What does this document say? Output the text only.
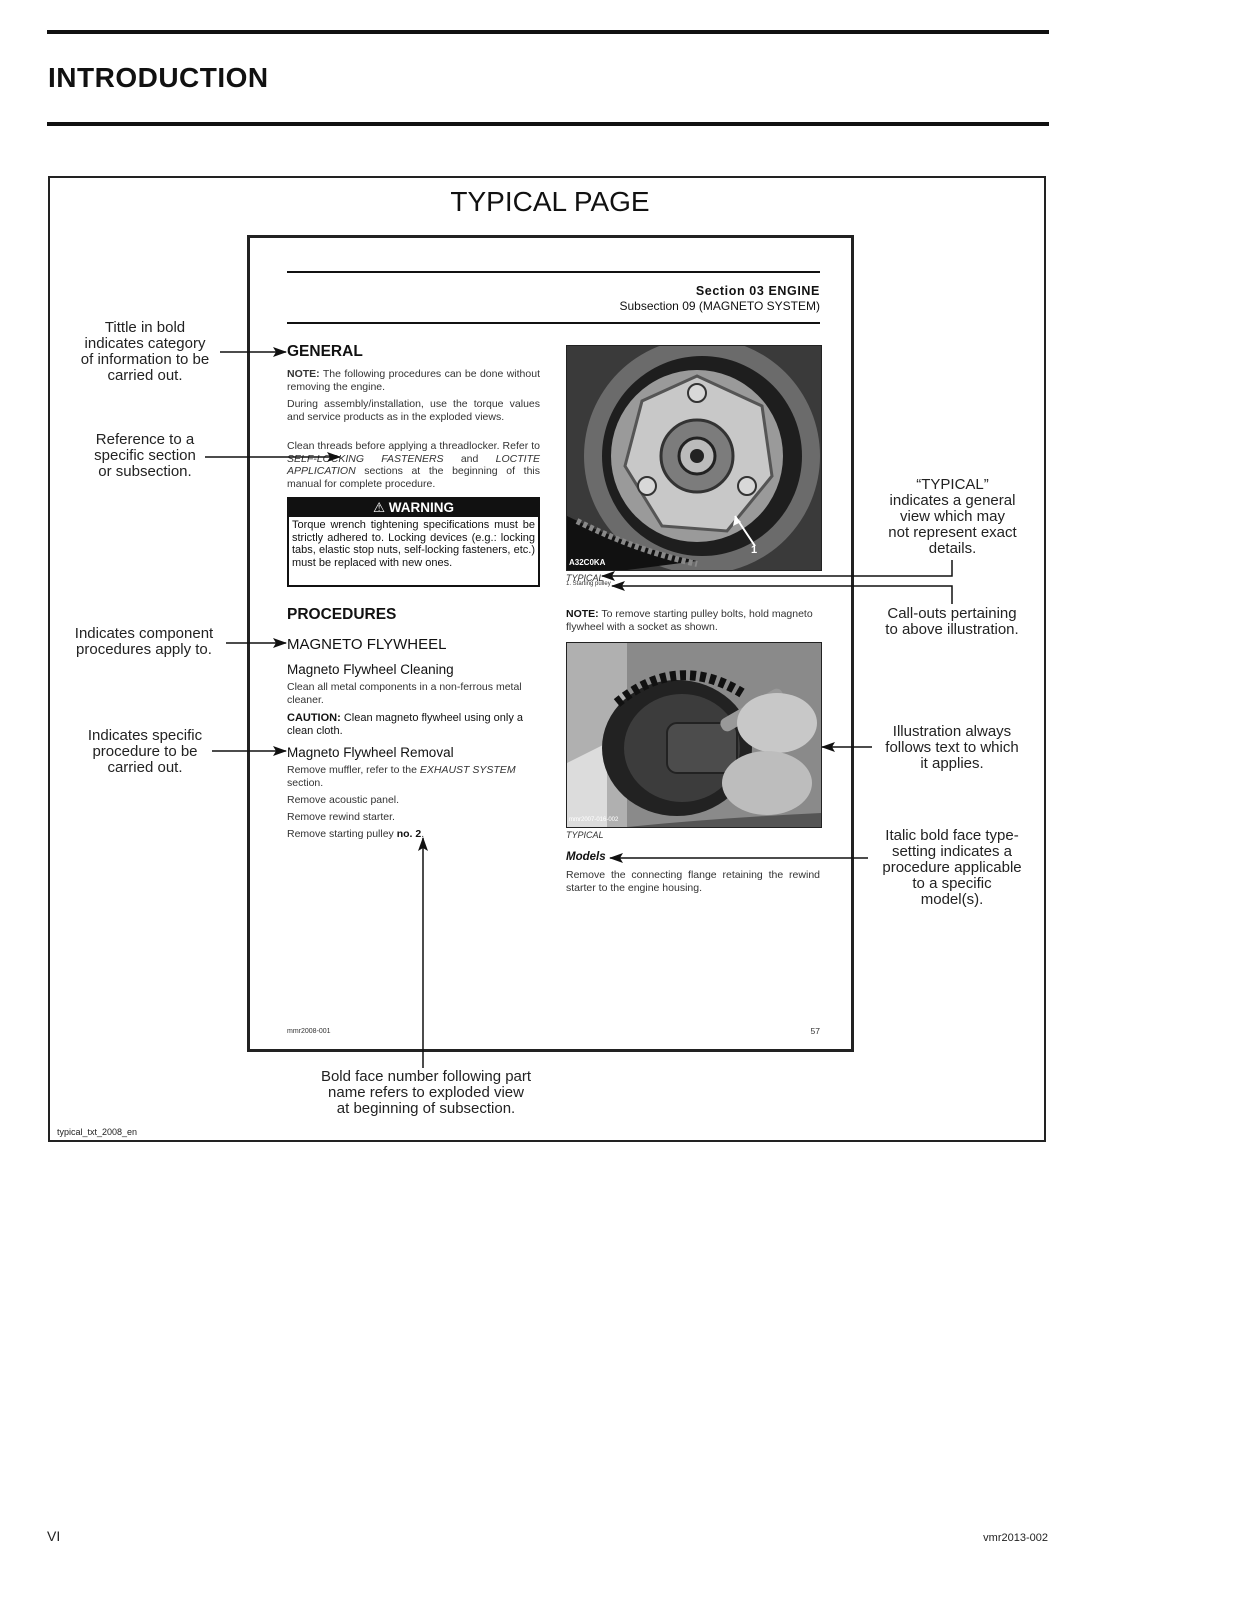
INTRODUCTION
TYPICAL PAGE
Section 03 ENGINE
Subsection 09 (MAGNETO SYSTEM)
GENERAL
NOTE: The following procedures can be done without removing the engine.
During assembly/installation, use the torque values and service products as in the exploded views.
Clean threads before applying a threadlocker. Refer to SELF-LOCKING FASTENERS and LOCTITE APPLICATION sections at the beginning of this manual for complete procedure.
⚠ WARNING
Torque wrench tightening specifications must be strictly adhered to. Locking devices (e.g.: locking tabs, elastic stop nuts, self-locking fasteners, etc.) must be replaced with new ones.
PROCEDURES
MAGNETO FLYWHEEL
Magneto Flywheel Cleaning
Clean all metal components in a non-ferrous metal cleaner.
CAUTION: Clean magneto flywheel using only a clean cloth.
Magneto Flywheel Removal
Remove muffler, refer to the EXHAUST SYSTEM section.
Remove acoustic panel.
Remove rewind starter.
Remove starting pulley no. 2.
A32C0KA
1
TYPICAL
1. Starting pulley
NOTE: To remove starting pulley bolts, hold magneto flywheel with a socket as shown.
mmr2007-016-002
TYPICAL
Models
Remove the connecting flange retaining the rewind starter to the engine housing.
mmr2008-001	57
Tittle in bold
indicates category
of information to be
carried out.
Reference to a
specific section
or subsection.
Indicates component
procedures apply to.
Indicates specific
procedure to be
carried out.
“TYPICAL”
indicates a general
view which may
not represent exact
details.
Call-outs pertaining
to above illustration.
Illustration always
follows text to which
it applies.
Italic bold face type-
setting indicates a
procedure applicable
to a specific
model(s).
Bold face number following part
name refers to exploded view
at beginning of subsection.
typical_txt_2008_en
VI	vmr2013-002
